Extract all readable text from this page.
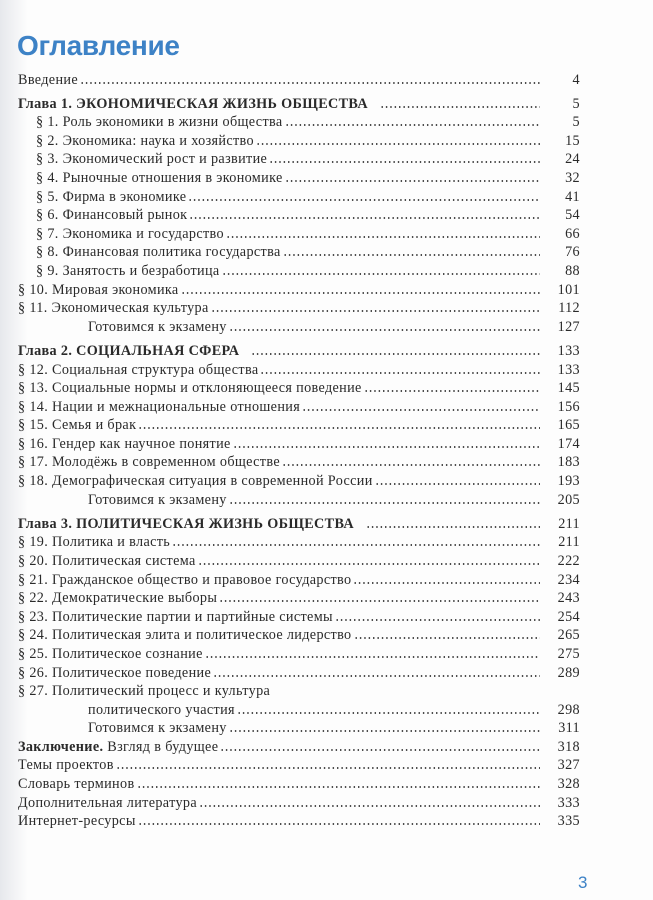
Оглавление
Введение	4
Глава 1. ЭКОНОМИЧЕСКАЯ ЖИЗНЬ ОБЩЕСТВА	5
§ 1. Роль экономики в жизни общества	5
§ 2. Экономика: наука и хозяйство	15
§ 3. Экономический рост и развитие	24
§ 4. Рыночные отношения в экономике	32
§ 5. Фирма в экономике	41
§ 6. Финансовый рынок	54
§ 7. Экономика и государство	66
§ 8. Финансовая политика государства	76
§ 9. Занятость и безработица	88
§ 10. Мировая экономика	101
§ 11. Экономическая культура	112
Готовимся к экзамену	127
Глава 2. СОЦИАЛЬНАЯ СФЕРА	133
§ 12. Социальная структура общества	133
§ 13. Социальные нормы и отклоняющееся поведение	145
§ 14. Нации и межнациональные отношения	156
§ 15. Семья и брак	165
§ 16. Гендер как научное понятие	174
§ 17. Молодёжь в современном обществе	183
§ 18. Демографическая ситуация в современной России	193
Готовимся к экзамену	205
Глава 3. ПОЛИТИЧЕСКАЯ ЖИЗНЬ ОБЩЕСТВА	211
§ 19. Политика и власть	211
§ 20. Политическая система	222
§ 21. Гражданское общество и правовое государство	234
§ 22. Демократические выборы	243
§ 23. Политические партии и партийные системы	254
§ 24. Политическая элита и политическое лидерство	265
§ 25. Политическое сознание	275
§ 26. Политическое поведение	289
§ 27. Политический процесс и культура
политического участия	298
Готовимся к экзамену	311
Заключение. Взгляд в будущее	318
Темы проектов	327
Словарь терминов	328
Дополнительная литература	333
Интернет-ресурсы	335
3
